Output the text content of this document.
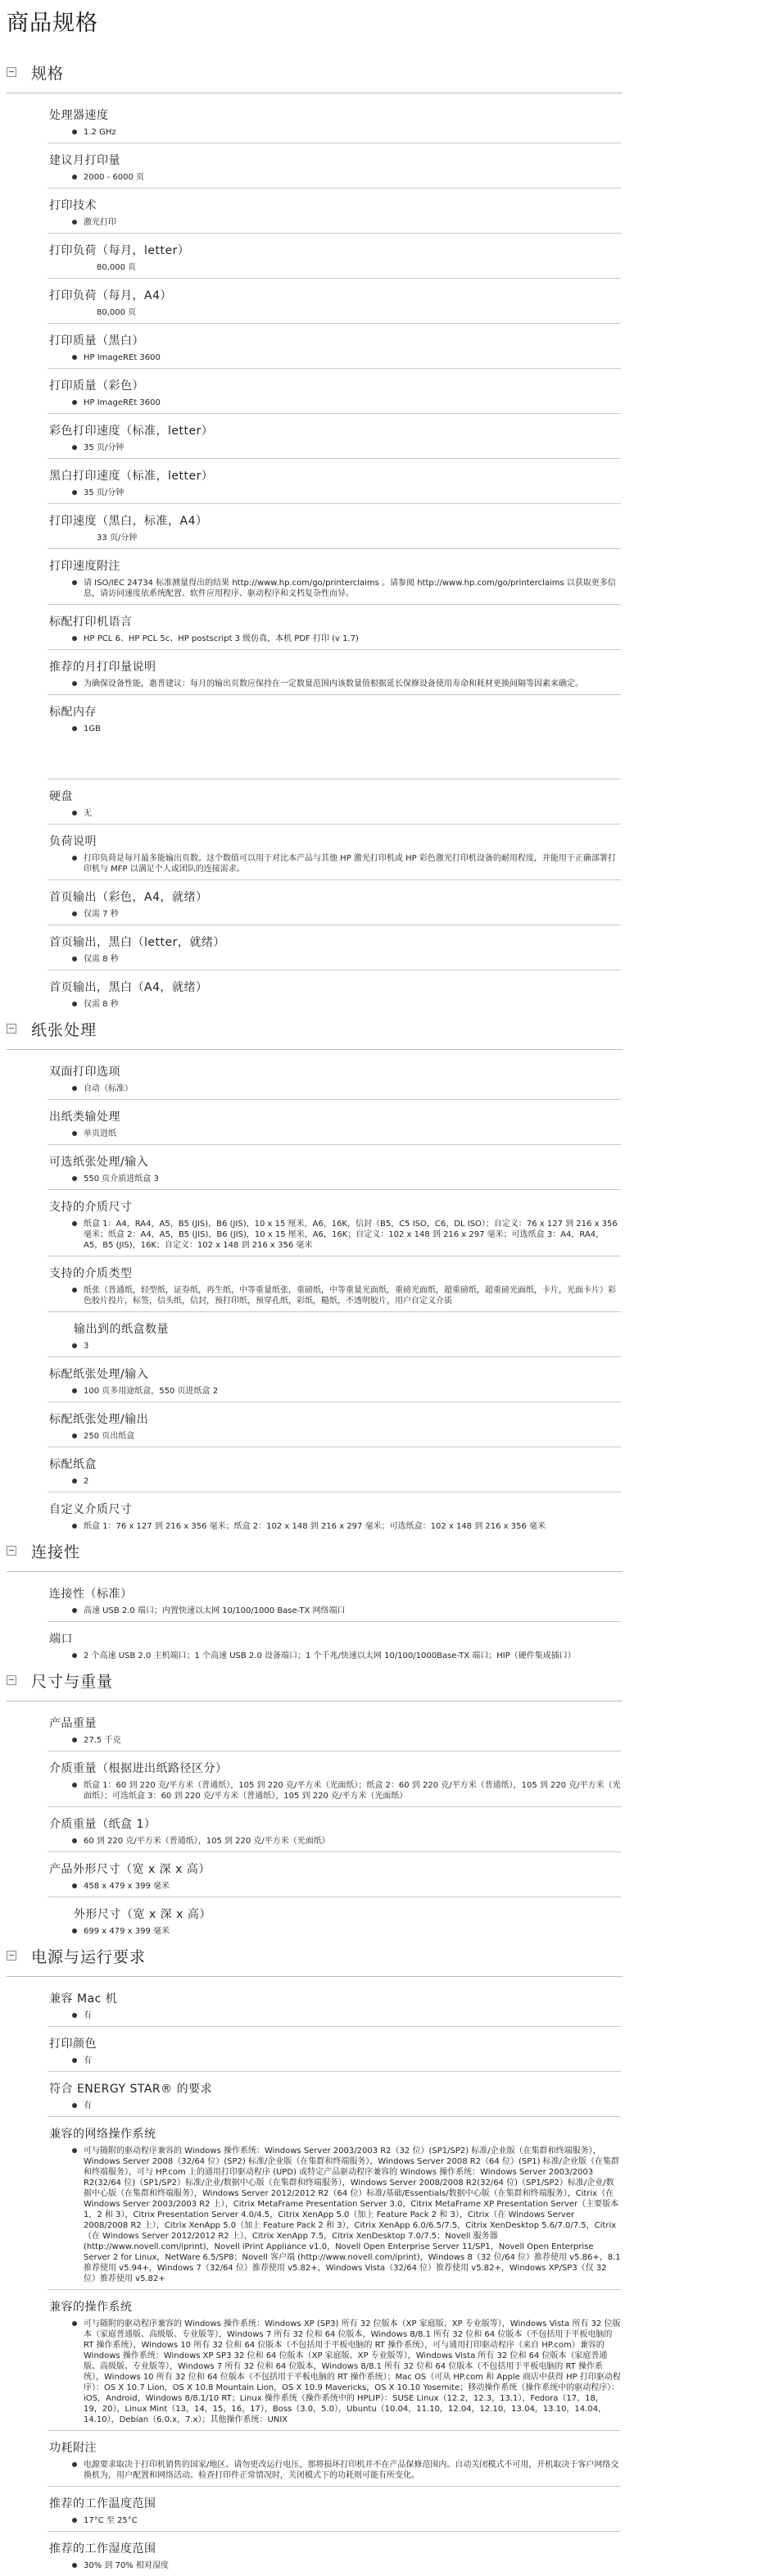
商品规格
规格
处理器速度
1.2 GHz
建议月打印量
2000 - 6000 页
打印技术
激光打印
打印负荷（每月，letter）
80,000 页
打印负荷（每月，A4）
80,000 页
打印质量（黑白）
HP ImageREt 3600
打印质量（彩色）
HP ImageREt 3600
彩色打印速度（标准，letter）
35 页/分钟
黑白打印速度（标准，letter）
35 页/分钟
打印速度（黑白，标准，A4）
33 页/分钟
打印速度附注
请 ISO/IEC 24734 标准测量得出的结果 http://www.hp.com/go/printerclaims 。请参阅 http://www.hp.com/go/printerclaims 以获取更多信息，请访问速度依系统配置、软件应用程序、驱动程序和文档复杂性而异。
标配打印机语言
HP PCL 6、HP PCL 5c、HP postscript 3 级仿真，本机 PDF 打印 (v 1.7)
推荐的月打印量说明
为确保设备性能，惠普建议：每月的输出页数应保持在一定数量范围内该数量值根据延长保修设备使用寿命和耗材更换间隔等因素来确定。
标配内存
1GB
硬盘
无
负荷说明
打印负荷是每月最多能输出页数。这个数值可以用于对比本产品与其他 HP 激光打印机或 HP 彩色激光打印机设备的耐用程度，并能用于正确部署打印机与 MFP 以满足个人或团队的连接需求。
首页输出（彩色，A4，就绪）
仅需 7 秒
首页输出，黑白（letter，就绪）
仅需 8 秒
首页输出，黑白（A4，就绪）
仅需 8 秒
纸张处理
双面打印选项
自动（标准）
出纸类输处理
单页进纸
可选纸张处理/输入
550 页介质进纸盒 3
支持的介质尺寸
纸盒 1：A4，RA4，A5，B5 (JIS)，B6 (JIS)，10 x 15 厘米，A6，16K，信封（B5，C5 ISO，C6，DL ISO）；自定义：76 x 127 到 216 x 356 毫米；纸盒 2：A4，A5，B5 (JIS)，B6 (JIS)，10 x 15 厘米，A6，16K；自定义：102 x 148 到 216 x 297 毫米；可选纸盒 3：A4，RA4，A5，B5 (JIS)，16K；自定义：102 x 148 到 216 x 356 毫米
支持的介质类型
纸张（普通纸，轻型纸，证券纸，再生纸，中等重量纸张，重磅纸，中等重量光面纸，重磅光面纸，超重磅纸，超重磅光面纸，卡片，光面卡片）彩色胶片投片，标签，信头纸，信封，预打印纸，预穿孔纸，彩纸，糙纸，不透明胶片，用户自定义介质
输出到的纸盒数量
3
标配纸张处理/输入
100 页多用途纸盒，550 页进纸盒 2
标配纸张处理/输出
250 页出纸盒
标配纸盒
2
自定义介质尺寸
纸盒 1：76 x 127 到 216 x 356 毫米；纸盒 2：102 x 148 到 216 x 297 毫米；可选纸盒：102 x 148 到 216 x 356 毫米
连接性
连接性（标准）
高速 USB 2.0 端口；内置快速以太网 10/100/1000 Base-TX 网络端口
端口
2 个高速 USB 2.0 主机端口；1 个高速 USB 2.0 设备端口；1 个千兆/快速以太网 10/100/1000Base-TX 端口；HIP（硬件集成插口）
尺寸与重量
产品重量
27.5 千克
介质重量（根据进出纸路径区分）
纸盒 1：60 到 220 克/平方米（普通纸），105 到 220 克/平方米（光面纸）；纸盒 2：60 到 220 克/平方米（普通纸），105 到 220 克/平方米（光面纸）；可选纸盒 3：60 到 220 克/平方米（普通纸），105 到 220 克/平方米（光面纸）
介质重量（纸盒 1）
60 到 220 克/平方米（普通纸），105 到 220 克/平方米（光面纸）
产品外形尺寸（宽 x 深 x 高）
458 x 479 x 399 毫米
外形尺寸（宽 x 深 x 高）
699 x 479 x 399 毫米
电源与运行要求
兼容 Mac 机
有
打印颜色
有
符合 ENERGY STAR® 的要求
有
兼容的网络操作系统
可与随附的驱动程序兼容的 Windows 操作系统：Windows Server 2003/2003 R2（32 位）(SP1/SP2) 标准/企业版（在集群和终端服务），Windows Server 2008（32/64 位）(SP2) 标准/企业版（在集群和终端服务），Windows Server 2008 R2（64 位）(SP1) 标准/企业版（在集群和终端服务），可与 HP.com 上的通用打印驱动程序 (UPD) 或特定产品驱动程序兼容的 Windows 操作系统：Windows Server 2003/2003 R2(32/64 位)（SP1/SP2）标准/企业/数据中心版（在集群和终端服务），Windows Server 2008/2008 R2(32/64 位)（SP1/SP2）标准/企业/数据中心版（在集群和终端服务），Windows Server 2012/2012 R2（64 位）标准/基础/Essentials/数据中心版（在集群和终端服务），Citrix（在 Windows Server 2003/2003 R2 上），Citrix MetaFrame Presentation Server 3.0，Citrix MetaFrame XP Presentation Server（主要版本 1，2 和 3），Citrix Presentation Server 4.0/4.5，Citrix XenApp 5.0（加上 Feature Pack 2 和 3），Citrix（在 Windows Server 2008/2008 R2 上），Citrix XenApp 5.0（加上 Feature Pack 2 和 3），Citrix XenApp 6.0/6.5/7.5，Citrix XenDesktop 5.6/7.0/7.5，Citrix（在 Windows Server 2012/2012 R2 上），Citrix XenApp 7.5，Citrix XenDesktop 7.0/7.5；Novell 服务器 (http://www.novell.com/iprint)，Novell iPrint Appliance v1.0，Novell Open Enterprise Server 11/SP1，Novell Open Enterprise Server 2 for Linux，NetWare 6.5/SP8；Novell 客户端 (http://www.novell.com/iprint)，Windows 8（32 位/64 位）推荐使用 v5.86+，8.1 推荐使用 v5.94+，Windows 7（32/64 位）推荐使用 v5.82+，Windows Vista（32/64 位）推荐使用 v5.82+，Windows XP/SP3（仅 32 位）推荐使用 v5.82+
兼容的操作系统
可与随附的驱动程序兼容的 Windows 操作系统：Windows XP (SP3) 所有 32 位版本（XP 家庭版、XP 专业版等），Windows Vista 所有 32 位版本（家庭普通版、高级版、专业版等），Windows 7 所有 32 位和 64 位版本，Windows 8/8.1 所有 32 位和 64 位版本（不包括用于平板电脑的 RT 操作系统），Windows 10 所有 32 位和 64 位版本（不包括用于平板电脑的 RT 操作系统），可与通用打印驱动程序（来自 HP.com）兼容的 Windows 操作系统：Windows XP SP3 32 位和 64 位版本（XP 家庭版、XP 专业版等），Windows Vista 所有 32 位和 64 位版本（家庭普通版、高级版、专业版等），Windows 7 所有 32 位和 64 位版本，Windows 8/8.1 所有 32 位和 64 位版本（不包括用于平板电脑的 RT 操作系统），Windows 10 所有 32 位和 64 位版本（不包括用于平板电脑的 RT 操作系统）；Mac OS（可从 HP.com 和 Apple 商店中获得 HP 打印驱动程序）：OS X 10.7 Lion，OS X 10.8 Mountain Lion，OS X 10.9 Mavericks，OS X 10.10 Yosemite；移动操作系统（操作系统中的驱动程序）：iOS，Android，Windows 8/8.1/10 RT；Linux 操作系统（操作系统中的 HPLIP）：SUSE Linux（12.2，12.3，13.1），Fedora（17，18，19，20），Linux Mint（13，14，15，16，17），Boss（3.0，5.0），Ubuntu（10.04，11.10，12.04，12.10，13.04，13.10，14.04，14.10），Debian（6.0.x，7.x）；其他操作系统：UNIX
功耗附注
电源要求取决于打印机销售的国家/地区。请勿更改运行电压，那将损坏打印机并不在产品保修范围内。自动关闭模式不可用，开机取决于客户网络交换机为，用户配置和网络活动。检查打印件正常情况时，关闭模式下的功耗则可能有所变化。
推荐的工作温度范围
17°C 至 25°C
推荐的工作湿度范围
30% 到 70% 相对湿度
